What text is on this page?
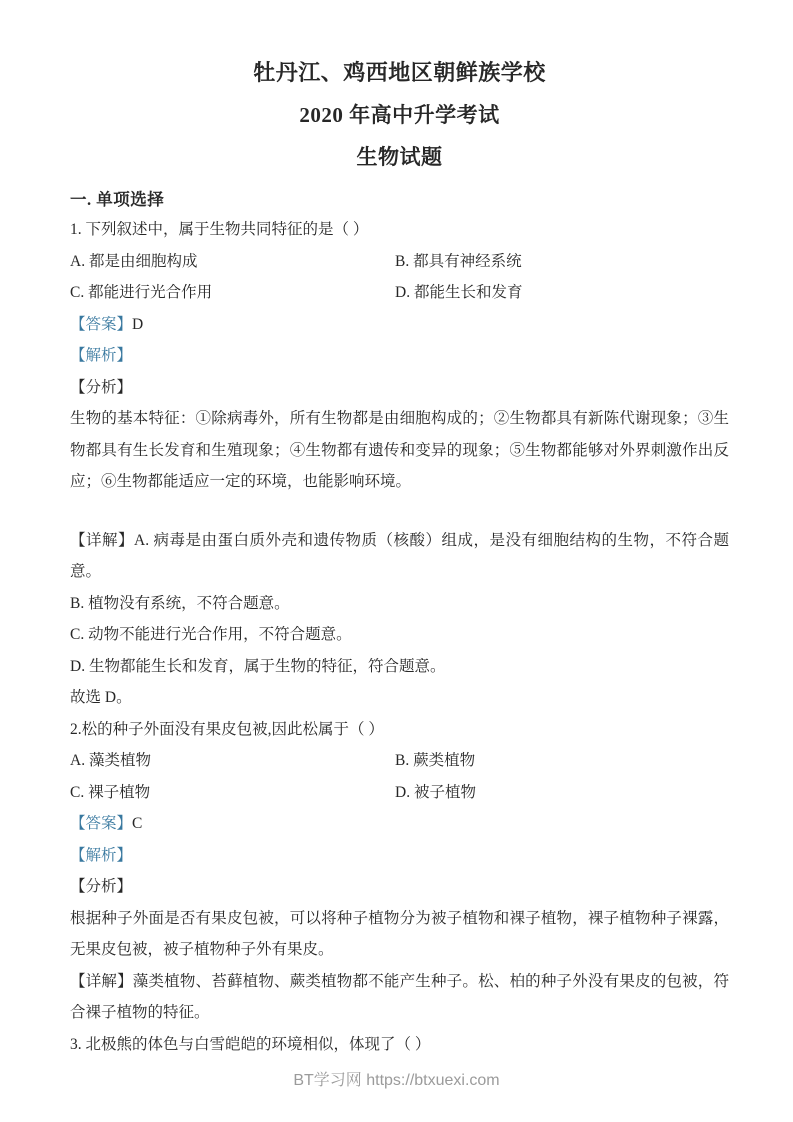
牡丹江、鸡西地区朝鲜族学校
2020 年高中升学考试
生物试题
一. 单项选择
1. 下列叙述中，属于生物共同特征的是（ ）
A. 都是由细胞构成	B. 都具有神经系统
C. 都能进行光合作用	D. 都能生长和发育
【答案】D
【解析】
【分析】
生物的基本特征：①除病毒外，所有生物都是由细胞构成的；②生物都具有新陈代谢现象；③生物都具有生长发育和生殖现象；④生物都有遗传和变异的现象；⑤生物都能够对外界刺激作出反应；⑥生物都能适应一定的环境，也能影响环境。
【详解】A. 病毒是由蛋白质外壳和遗传物质（核酸）组成，是没有细胞结构的生物，不符合题意。
B. 植物没有系统，不符合题意。
C. 动物不能进行光合作用，不符合题意。
D. 生物都能生长和发育，属于生物的特征，符合题意。
故选 D。
2.松的种子外面没有果皮包被,因此松属于（ ）
A. 藻类植物	B. 蕨类植物
C. 裸子植物	D. 被子植物
【答案】C
【解析】
【分析】
根据种子外面是否有果皮包被，可以将种子植物分为被子植物和裸子植物，裸子植物种子裸露，无果皮包被，被子植物种子外有果皮。
【详解】藻类植物、苔藓植物、蕨类植物都不能产生种子。松、柏的种子外没有果皮的包被，符合裸子植物的特征。
3. 北极熊的体色与白雪皑皑的环境相似，体现了（ ）
BT学习网 https://btxuexi.com
